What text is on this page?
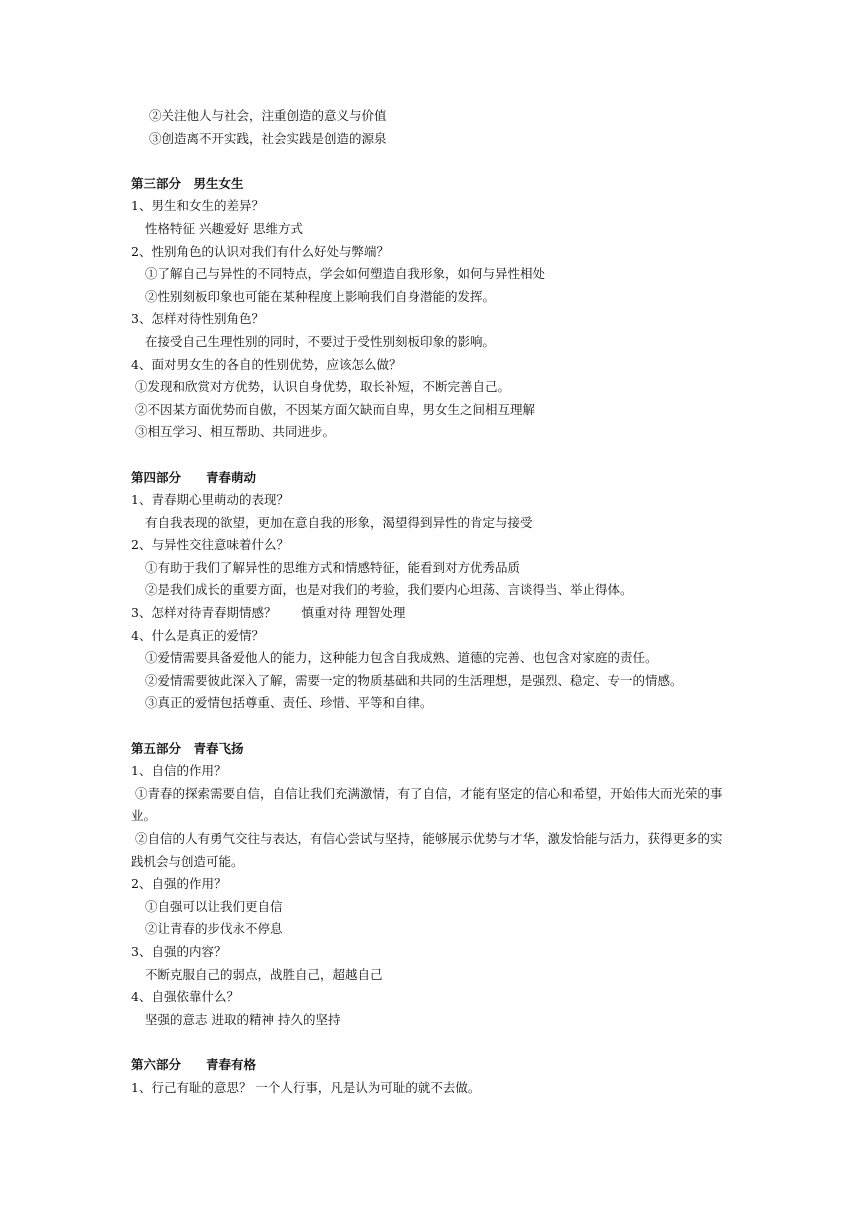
②关注他人与社会，注重创造的意义与价值
③创造离不开实践，社会实践是创造的源泉
第三部分　男生女生
1、男生和女生的差异？
性格特征 兴趣爱好 思维方式
2、性别角色的认识对我们有什么好处与弊端？
①了解自己与异性的不同特点，学会如何塑造自我形象，如何与异性相处
②性别刻板印象也可能在某种程度上影响我们自身潜能的发挥。
3、怎样对待性别角色？
在接受自己生理性别的同时，不要过于受性别刻板印象的影响。
4、面对男女生的各自的性别优势，应该怎么做？
①发现和欣赏对方优势，认识自身优势，取长补短，不断完善自己。
②不因某方面优势而自傲，不因某方面欠缺而自卑，男女生之间相互理解
③相互学习、相互帮助、共同进步。
第四部分　　青春萌动
1、青春期心里萌动的表现？
有自我表现的欲望，更加在意自我的形象，渴望得到异性的肯定与接受
2、与异性交往意味着什么？
①有助于我们了解异性的思维方式和情感特征，能看到对方优秀品质
②是我们成长的重要方面，也是对我们的考验，我们要内心坦荡、言谈得当、举止得体。
3、怎样对待青春期情感？　　慎重对待 理智处理
4、什么是真正的爱情？
①爱情需要具备爱他人的能力，这种能力包含自我成熟、道德的完善、也包含对家庭的责任。
②爱情需要彼此深入了解，需要一定的物质基础和共同的生活理想，是强烈、稳定、专一的情感。
③真正的爱情包括尊重、责任、珍惜、平等和自律。
第五部分　青春飞扬
1、自信的作用？
①青春的探索需要自信，自信让我们充满激情，有了自信，才能有坚定的信心和希望，开始伟大而光荣的事业。
②自信的人有勇气交往与表达，有信心尝试与坚持，能够展示优势与才华，激发恰能与活力，获得更多的实践机会与创造可能。
2、自强的作用？
①自强可以让我们更自信
②让青春的步伐永不停息
3、自强的内容？
不断克服自己的弱点，战胜自己，超越自己
4、自强依靠什么？
坚强的意志 进取的精神 持久的坚持
第六部分　　青春有格
1、行己有耻的意思？ 一个人行事，凡是认为可耻的就不去做。
